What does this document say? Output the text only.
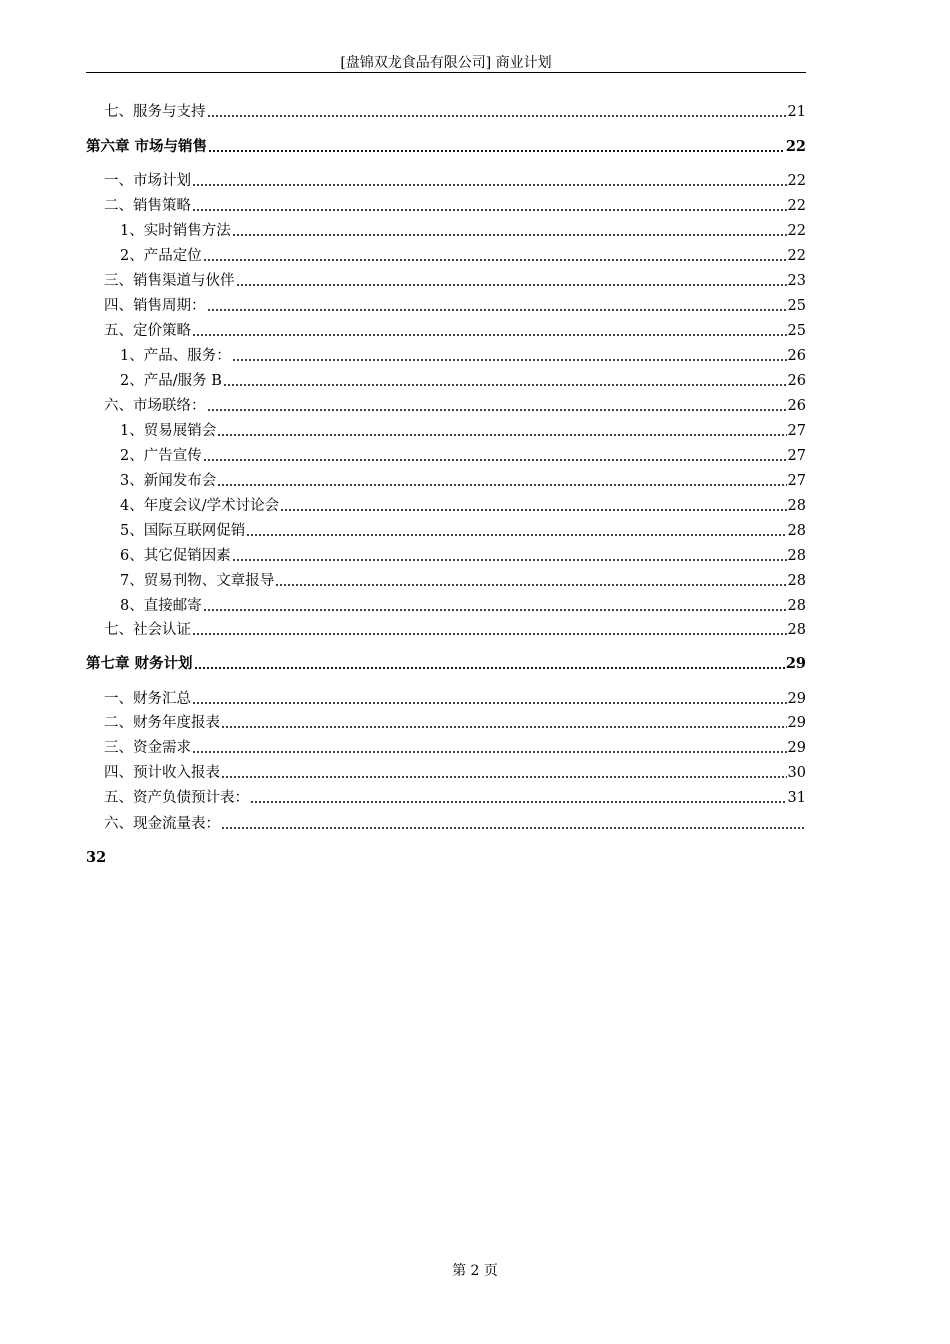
[盘锦双龙食品有限公司] 商业计划
七、服务与支持	21
第六章 市场与销售	22
一、市场计划	22
二、销售策略	22
1、实时销售方法	22
2、产品定位	22
三、销售渠道与伙伴	23
四、销售周期：	25
五、定价策略	25
1、产品、服务：	26
2、产品/服务 B	26
六、市场联络：	26
1、贸易展销会	27
2、广告宣传	27
3、新闻发布会	27
4、年度会议/学术讨论会	28
5、国际互联网促销	28
6、其它促销因素	28
7、贸易刊物、文章报导	28
8、直接邮寄	28
七、社会认证	28
第七章 财务计划	29
一、财务汇总	29
二、财务年度报表	29
三、资金需求	29
四、预计收入报表	30
五、资产负债预计表：	31
六、现金流量表：
32
第 2 页
